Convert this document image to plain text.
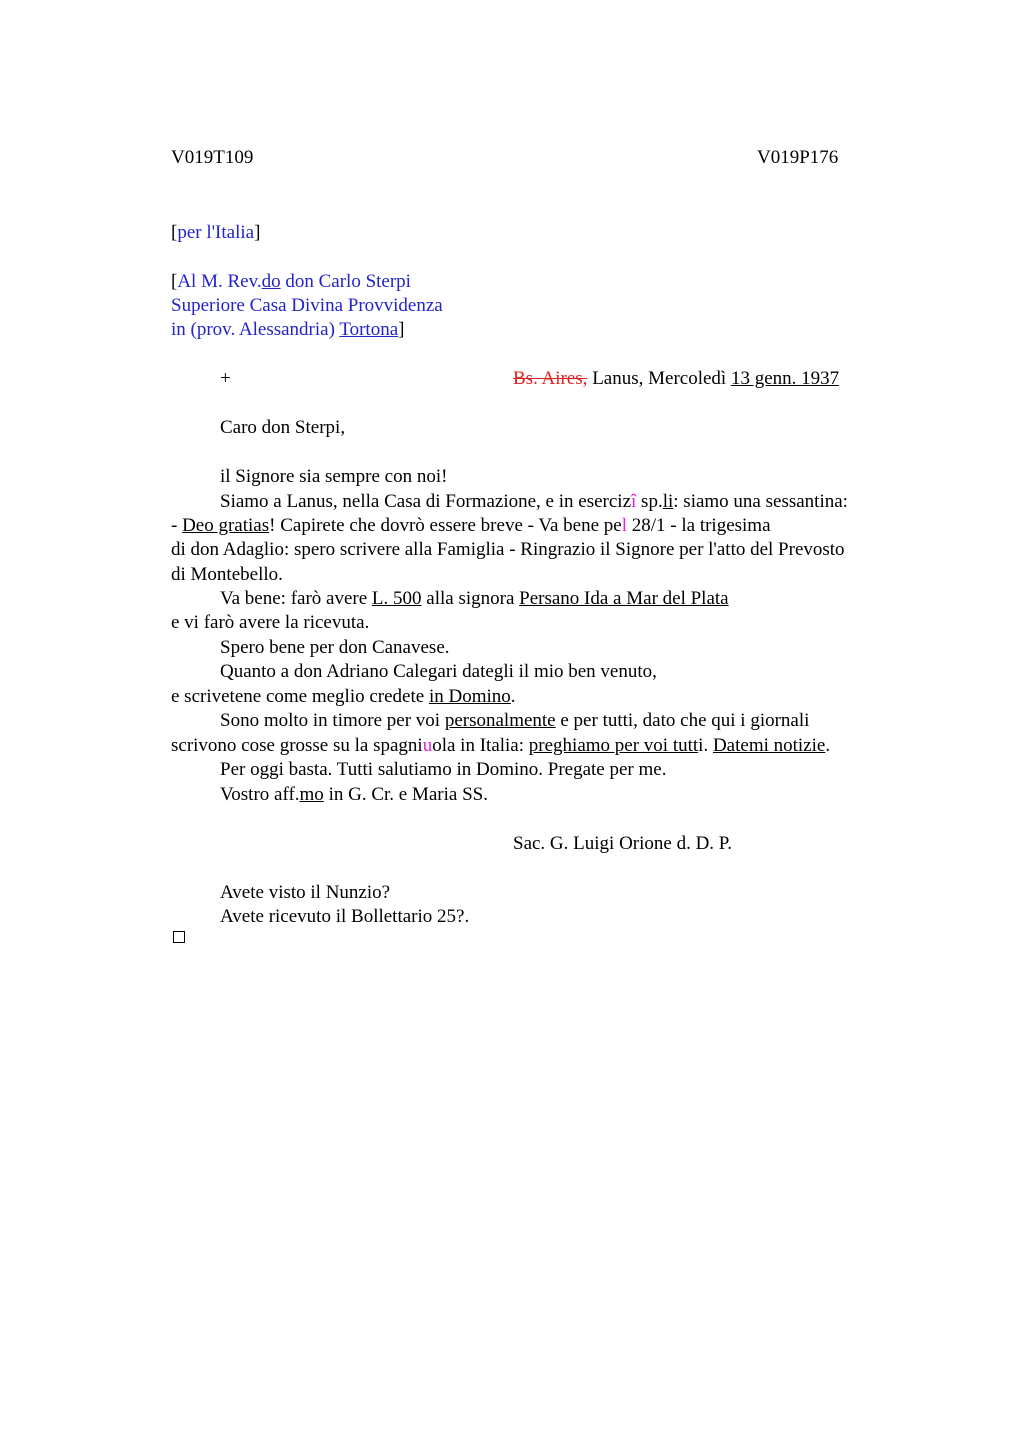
V019T109	V019P176
[per l'Italia]
[Al M. Rev.do don Carlo Sterpi
Superiore Casa Divina Provvidenza
in (prov. Alessandria) Tortona]
+	Bs. Aires, Lanus, Mercoledì 13 genn. 1937
Caro don Sterpi,
il Signore sia sempre con noi!
Siamo a Lanus, nella Casa di Formazione, e in esercizî sp.li: siamo una sessantina:
- Deo gratias! Capirete che dovrò essere breve - Va bene pel 28/1 - la trigesima
di don Adaglio: spero scrivere alla Famiglia - Ringrazio il Signore per l'atto del Prevosto
di Montebello.
Va bene: farò avere L. 500 alla signora Persano Ida a Mar del Plata
e vi farò avere la ricevuta.
Spero bene per don Canavese.
Quanto a don Adriano Calegari dategli il mio ben venuto,
e scrivetene come meglio credete in Domino.
Sono molto in timore per voi personalmente e per tutti, dato che qui i giornali
scrivono cose grosse su la spagniuola in Italia: preghiamo per voi tutti. Datemi notizie.
Per oggi basta. Tutti salutiamo in Domino. Pregate per me.
Vostro aff.mo in G. Cr. e Maria SS.
Sac. G. Luigi Orione d. D. P.
Avete visto il Nunzio?
Avete ricevuto il Bollettario 25?.
